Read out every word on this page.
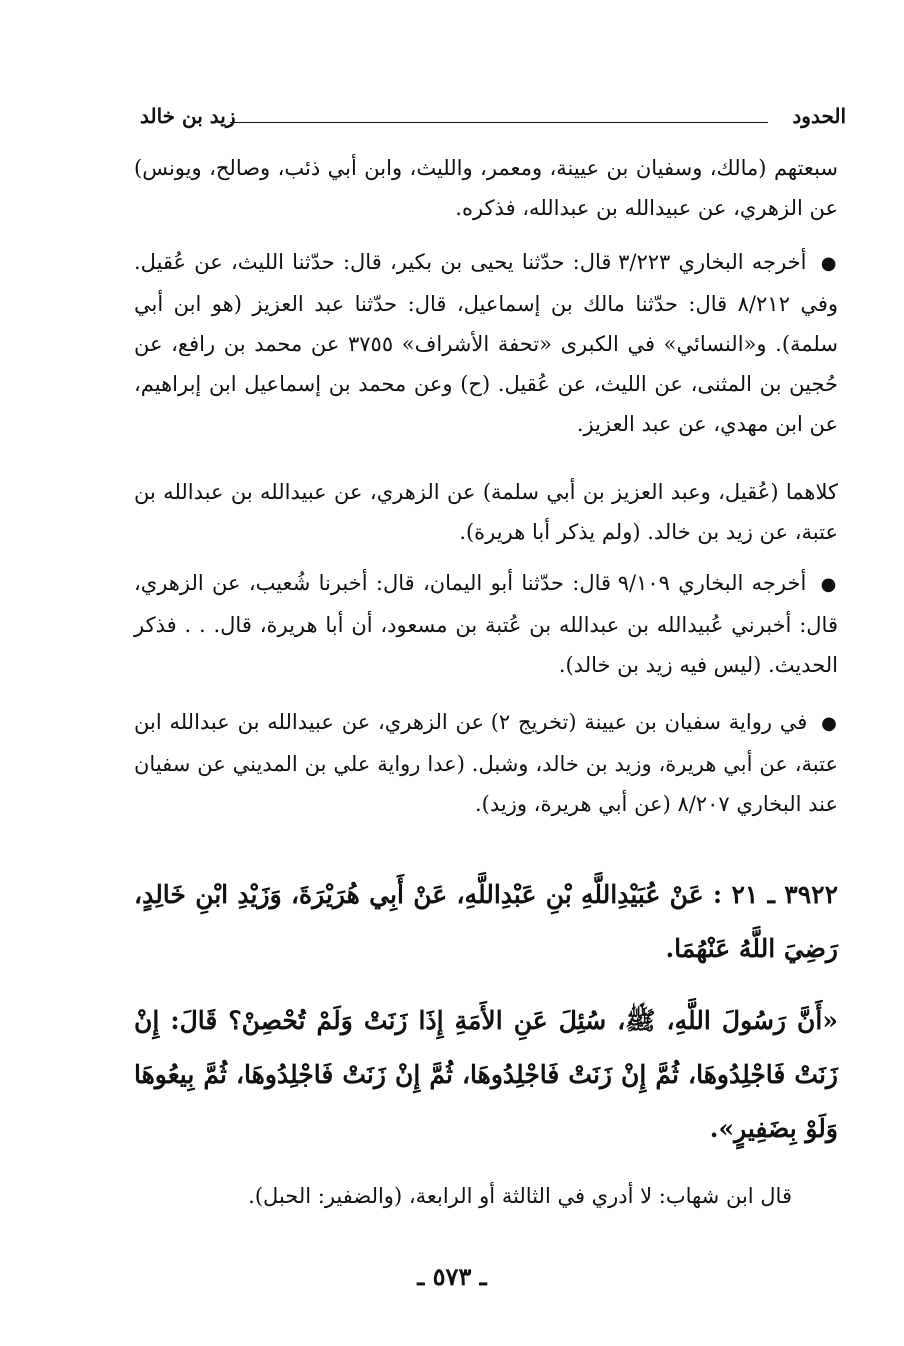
الحدود
زيد بن خالد
سبعتهم (مالك، وسفيان بن عيينة، ومعمر، والليث، وابن أبي ذئب، وصالح، ويونس) عن الزهري، عن عبيدالله بن عبدالله، فذكره.
● أخرجه البخاري ٣/٢٢٣ قال: حدّثنا يحيى بن بكير، قال: حدّثنا الليث، عن عُقيل. وفي ٨/٢١٢ قال: حدّثنا مالك بن إسماعيل، قال: حدّثنا عبد العزيز (هو ابن أبي سلمة). و«النسائي» في الكبرى «تحفة الأشراف» ٣٧٥٥ عن محمد بن رافع، عن حُجين بن المثنى، عن الليث، عن عُقيل. (ح) وعن محمد بن إسماعيل ابن إبراهيم، عن ابن مهدي، عن عبد العزيز.
كلاهما (عُقيل، وعبد العزيز بن أبي سلمة) عن الزهري، عن عبيدالله بن عبدالله بن عتبة، عن زيد بن خالد. (ولم يذكر أبا هريرة).
● أخرجه البخاري ٩/١٠٩ قال: حدّثنا أبو اليمان، قال: أخبرنا شُعيب، عن الزهري، قال: أخبرني عُبيدالله بن عبدالله بن عُتبة بن مسعود، أن أبا هريرة، قال. . . فذكر الحديث. (ليس فيه زيد بن خالد).
● في رواية سفيان بن عيينة (تخريج ٢) عن الزهري، عن عبيدالله بن عبدالله ابن عتبة، عن أبي هريرة، وزيد بن خالد، وشبل. (عدا رواية علي بن المديني عن سفيان عند البخاري ٨/٢٠٧ (عن أبي هريرة، وزيد).
٣٩٢٢ ـ ٢١ : عَنْ عُبَيْدِاللَّهِ بْنِ عَبْدِاللَّهِ، عَنْ أَبِي هُرَيْرَةَ، وَزَيْدِ ابْنِ خَالِدٍ، رَضِيَ اللَّهُ عَنْهُمَا.
«أَنَّ رَسُولَ اللَّهِ، ﷺ، سُئِلَ عَنِ الأَمَةِ إِذَا زَنَتْ وَلَمْ تُحْصِنْ؟ قَالَ: إِنْ زَنَتْ فَاجْلِدُوهَا، ثُمَّ إِنْ زَنَتْ فَاجْلِدُوهَا، ثُمَّ إِنْ زَنَتْ فَاجْلِدُوهَا، ثُمَّ بِيعُوهَا وَلَوْ بِضَفِيرٍ».
قال ابن شهاب: لا أدري في الثالثة أو الرابعة، (والضفير: الحبل).
ـ ٥٧٣ ـ
